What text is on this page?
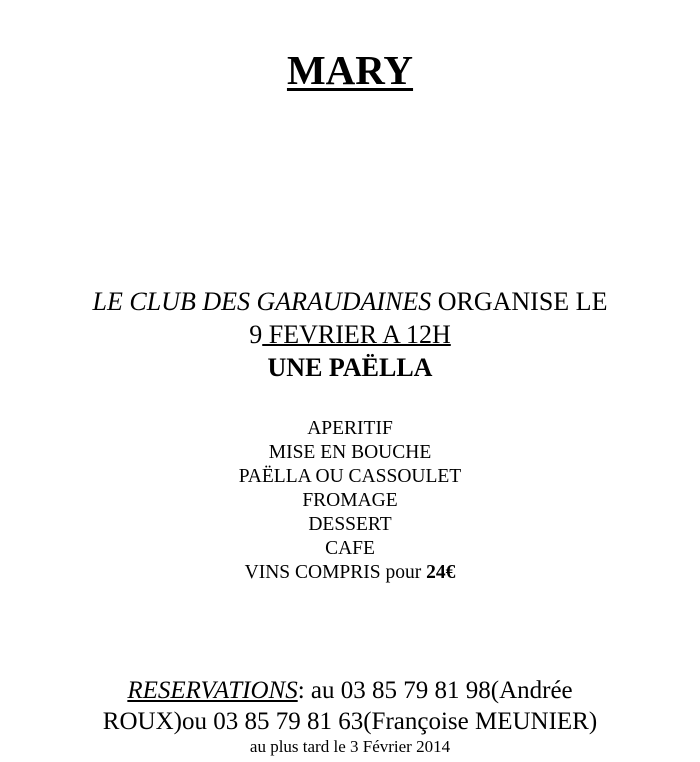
MARY
LE CLUB DES GARAUDAINES ORGANISE LE
9 FEVRIER A 12H
UNE PAËLLA
APERITIF
MISE EN BOUCHE
PAËLLA OU CASSOULET
FROMAGE
DESSERT
CAFE
VINS COMPRIS pour 24€
RESERVATIONS: au 03 85 79 81 98(Andrée
ROUX)ou 03 85 79 81 63(Françoise MEUNIER)
au plus tard le 3 Février 2014
